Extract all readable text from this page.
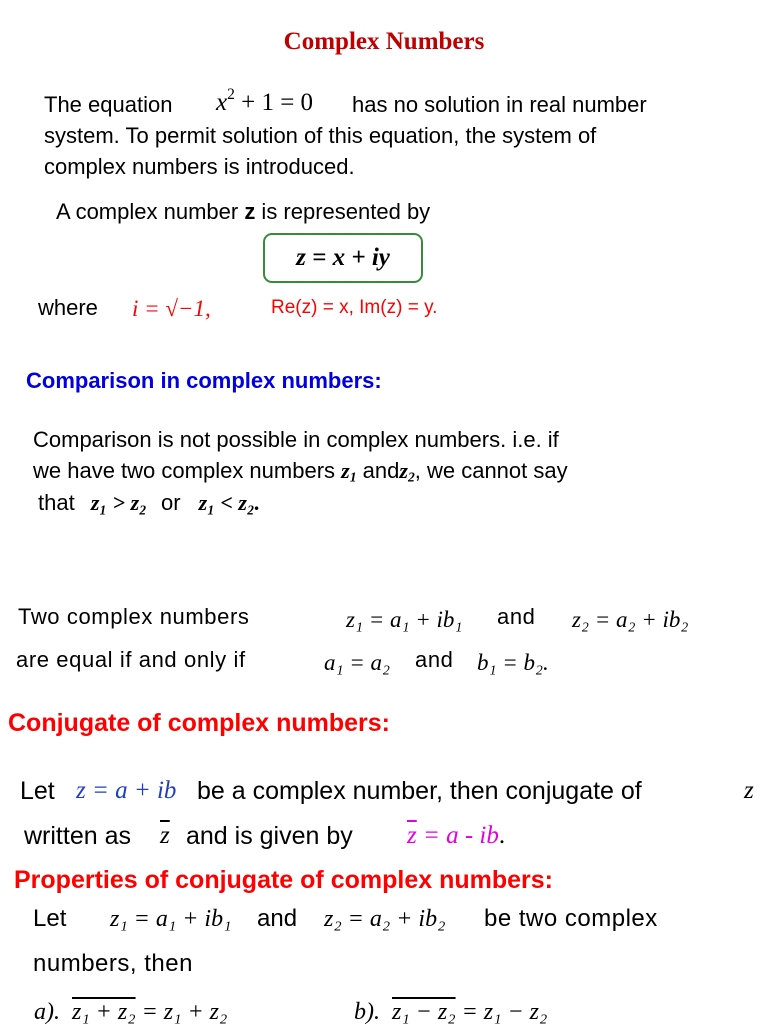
Complex Numbers
The equation $x^2 + 1 = 0$ has no solution in real number
system. To permit solution of this equation, the system of
complex numbers is introduced.
A complex number z is represented by
z = x + iy
where i = √−1,	Re(z) = x, Im(z) = y.
Comparison in complex numbers:
Comparison is not possible in complex numbers. i.e. if
we have two complex numbers $z_1$ andz$_2$, we cannot say
that z₁ > z₂ or z₁ < z₂.
Two complex numbers	z₁ = a₁ + ib₁ and z₂ = a₂ + ib₂
are equal if and only if	a₁ = a₂ and b₁ = b₂.
Conjugate of complex numbers:
Let z = a + ib be a complex number, then conjugate of	z
written as $\overline{z}$ and is given by $\overline{z} = a$ - ib.
Properties of conjugate of complex numbers:
Let z₁ = a₁ + ib₁ and z₂ = a₂ + ib₂ be two complex
numbers, then
a). z₁ + z₂ = z₁ + z₂	b). z₁ − z₂ = z₁ − z₂
